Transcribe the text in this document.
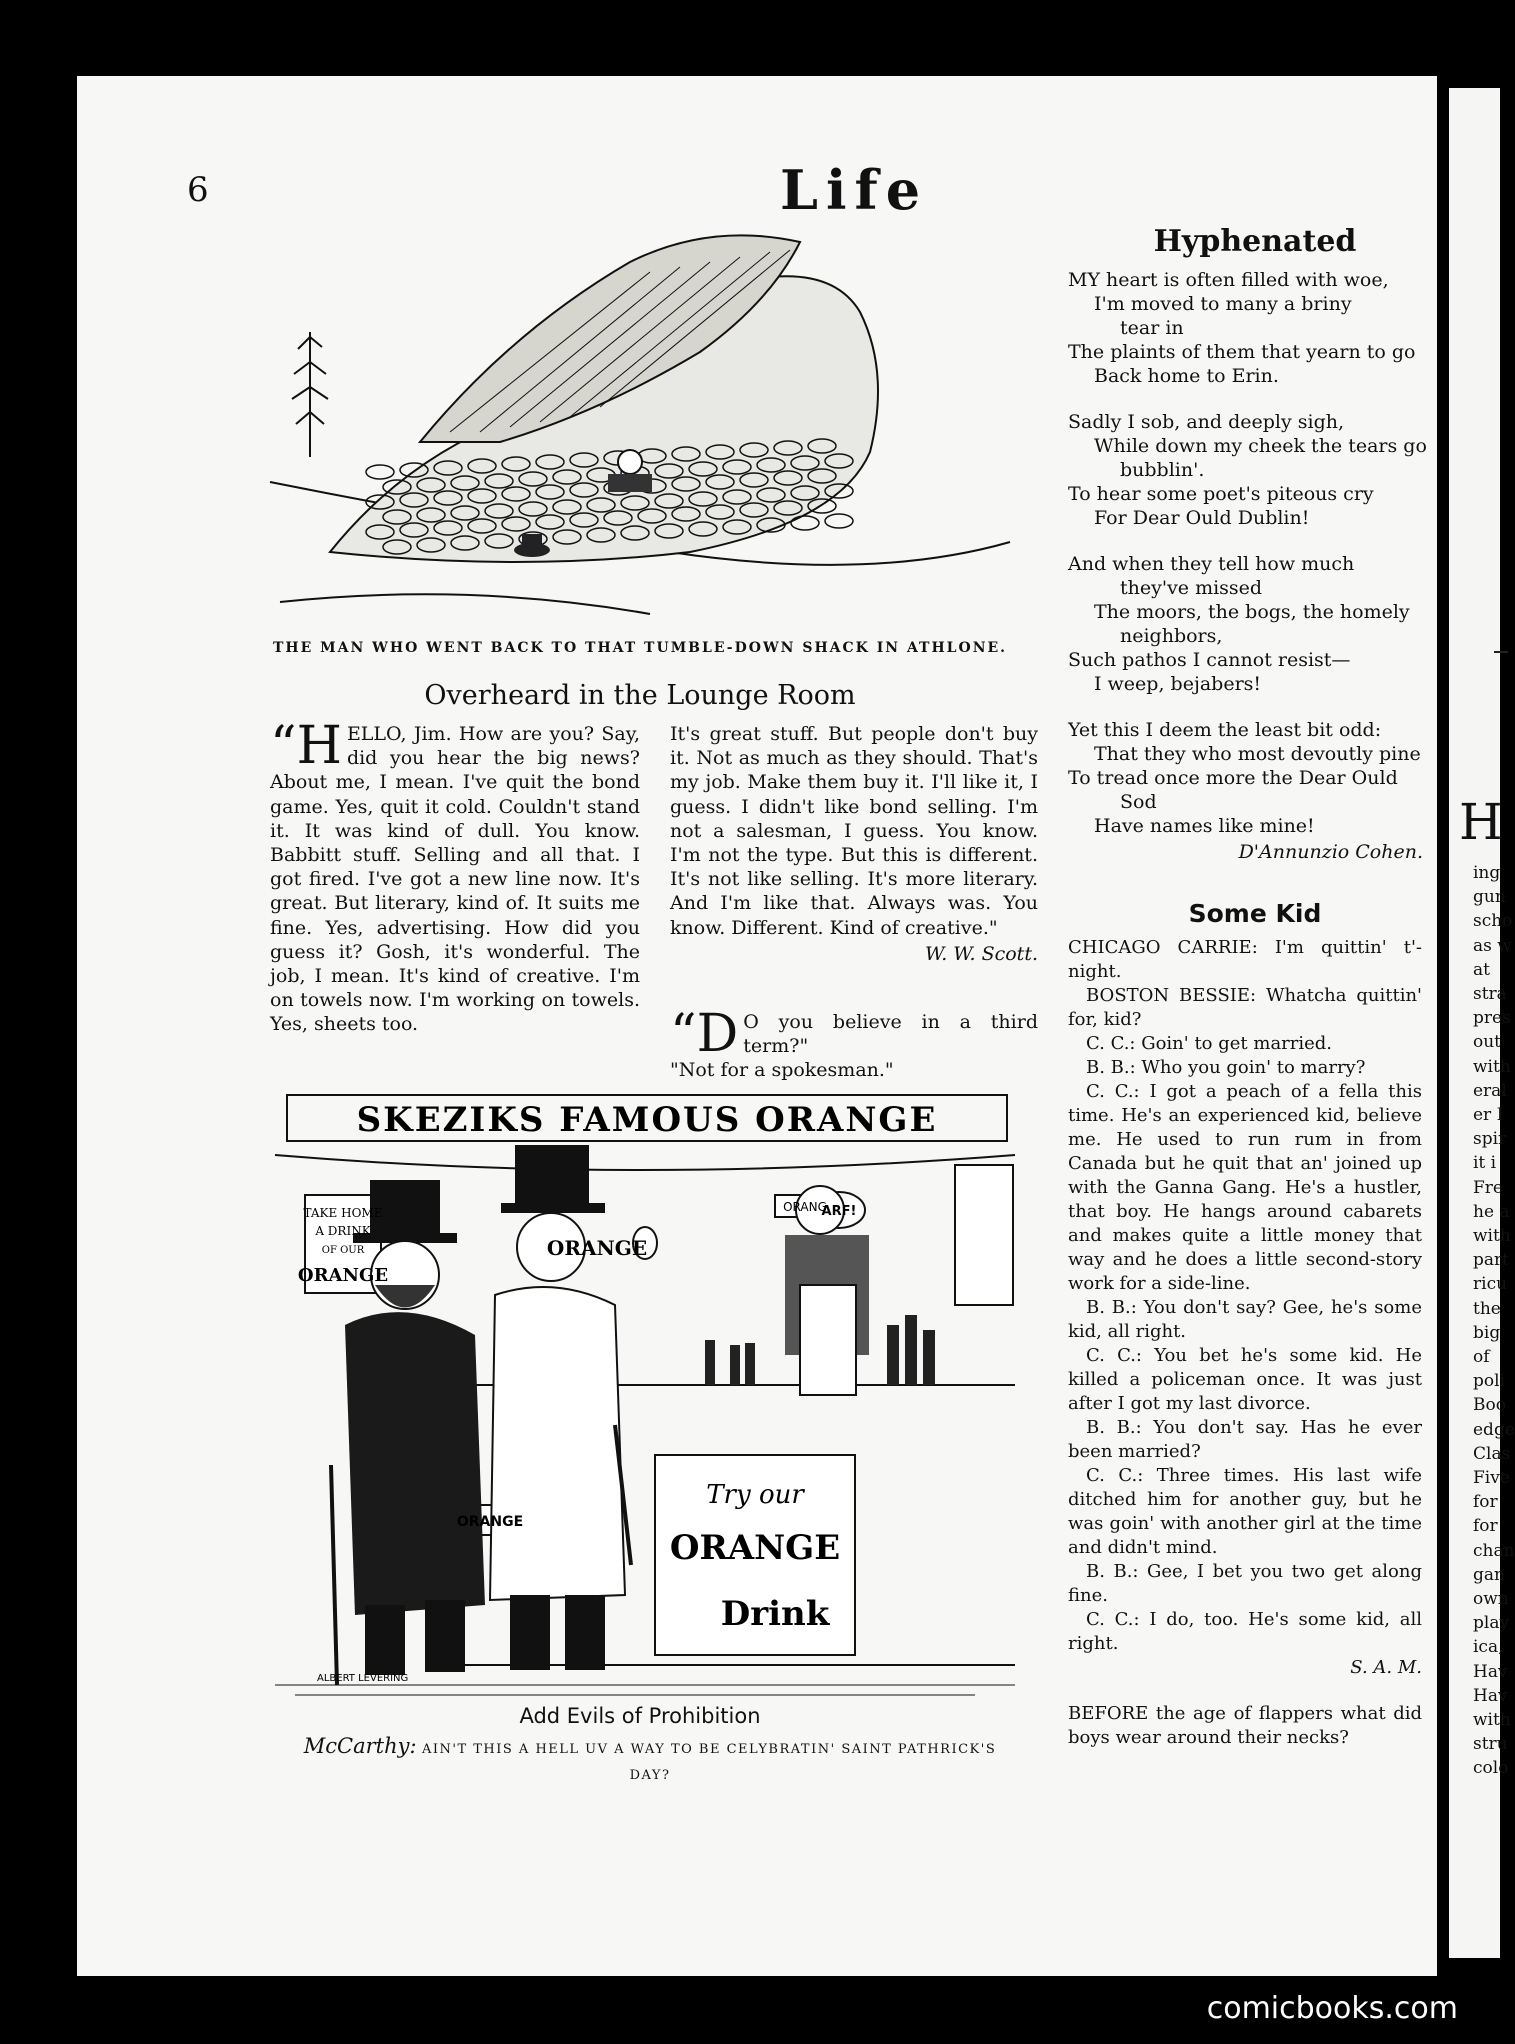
H
ing
gun
scho
as w
at
stra
pres
out
with
eral
er I
spir
it i
Fre
he a
with
part
ricu
the
big
of
poli
Boo
edge
Clas
Five
for
for
chan
gan
own
play
ica,
Hav
Hav
with
stru
colo
6	Life
THE MAN WHO WENT BACK TO THAT TUMBLE-DOWN SHACK IN ATHLONE.
Overheard in the Lounge Room
“HELLO, Jim. How are you? Say, did you hear the big news? About me, I mean. I've quit the bond game. Yes, quit it cold. Couldn't stand it. It was kind of dull. You know. Babbitt stuff. Selling and all that. I got fired. I've got a new line now. It's great. But literary, kind of. It suits me fine. Yes, advertising. How did you guess it? Gosh, it's wonderful. The job, I mean. It's kind of creative. I'm on towels now. I'm working on towels. Yes, sheets too.
It's great stuff. But people don't buy it. Not as much as they should. That's my job. Make them buy it. I'll like it, I guess. I didn't like bond selling. I'm not a salesman, I guess. You know. I'm not the type. But this is different. It's not like selling. It's more literary. And I'm like that. Always was. You know. Different. Kind of creative."
W. W. Scott.
“D O you believe in a third term?"
"Not for a spokesman."
SKEZIKS FAMOUS ORANGE
TAKE HOME
A DRINK
OF OUR
ORANGE
ORANGE
ORANG
ARF!
ORANGE
Try our
ORANGE
Drink
ALBERT LEVERING
Add Evils of Prohibition
McCarthy: AIN'T THIS A HELL UV A WAY TO BE CELYBRATIN' SAINT PATHRICK'S DAY?
Hyphenated

MY heart is often filled with woe,
I'm moved to many a briny
tear in
The plaints of them that yearn to go
Back home to Erin.

Sadly I sob, and deeply sigh,
While down my cheek the tears go
bubblin'.
To hear some poet's piteous cry
For Dear Ould Dublin!

And when they tell how much
they've missed
The moors, the bogs, the homely
neighbors,
Such pathos I cannot resist—
I weep, bejabers!

Yet this I deem the least bit odd:
That they who most devoutly pine
To tread once more the Dear Ould
Sod
Have names like mine!

D'Annunzio Cohen.
Some Kid
CHICAGO CARRIE: I'm quittin' t'-night.
BOSTON BESSIE: Whatcha quittin' for, kid?
C. C.: Goin' to get married.
B. B.: Who you goin' to marry?
C. C.: I got a peach of a fella this time. He's an experienced kid, believe me. He used to run rum in from Canada but he quit that an' joined up with the Ganna Gang. He's a hustler, that boy. He hangs around cabarets and makes quite a little money that way and he does a little second-story work for a side-line.
B. B.: You don't say? Gee, he's some kid, all right.
C. C.: You bet he's some kid. He killed a policeman once. It was just after I got my last divorce.
B. B.: You don't say. Has he ever been married?
C. C.: Three times. His last wife ditched him for another guy, but he was goin' with another girl at the time and didn't mind.
B. B.: Gee, I bet you two get along fine.
C. C.: I do, too. He's some kid, all right.
S. A. M.
BEFORE the age of flappers what did boys wear around their necks?
comicbooks.com
